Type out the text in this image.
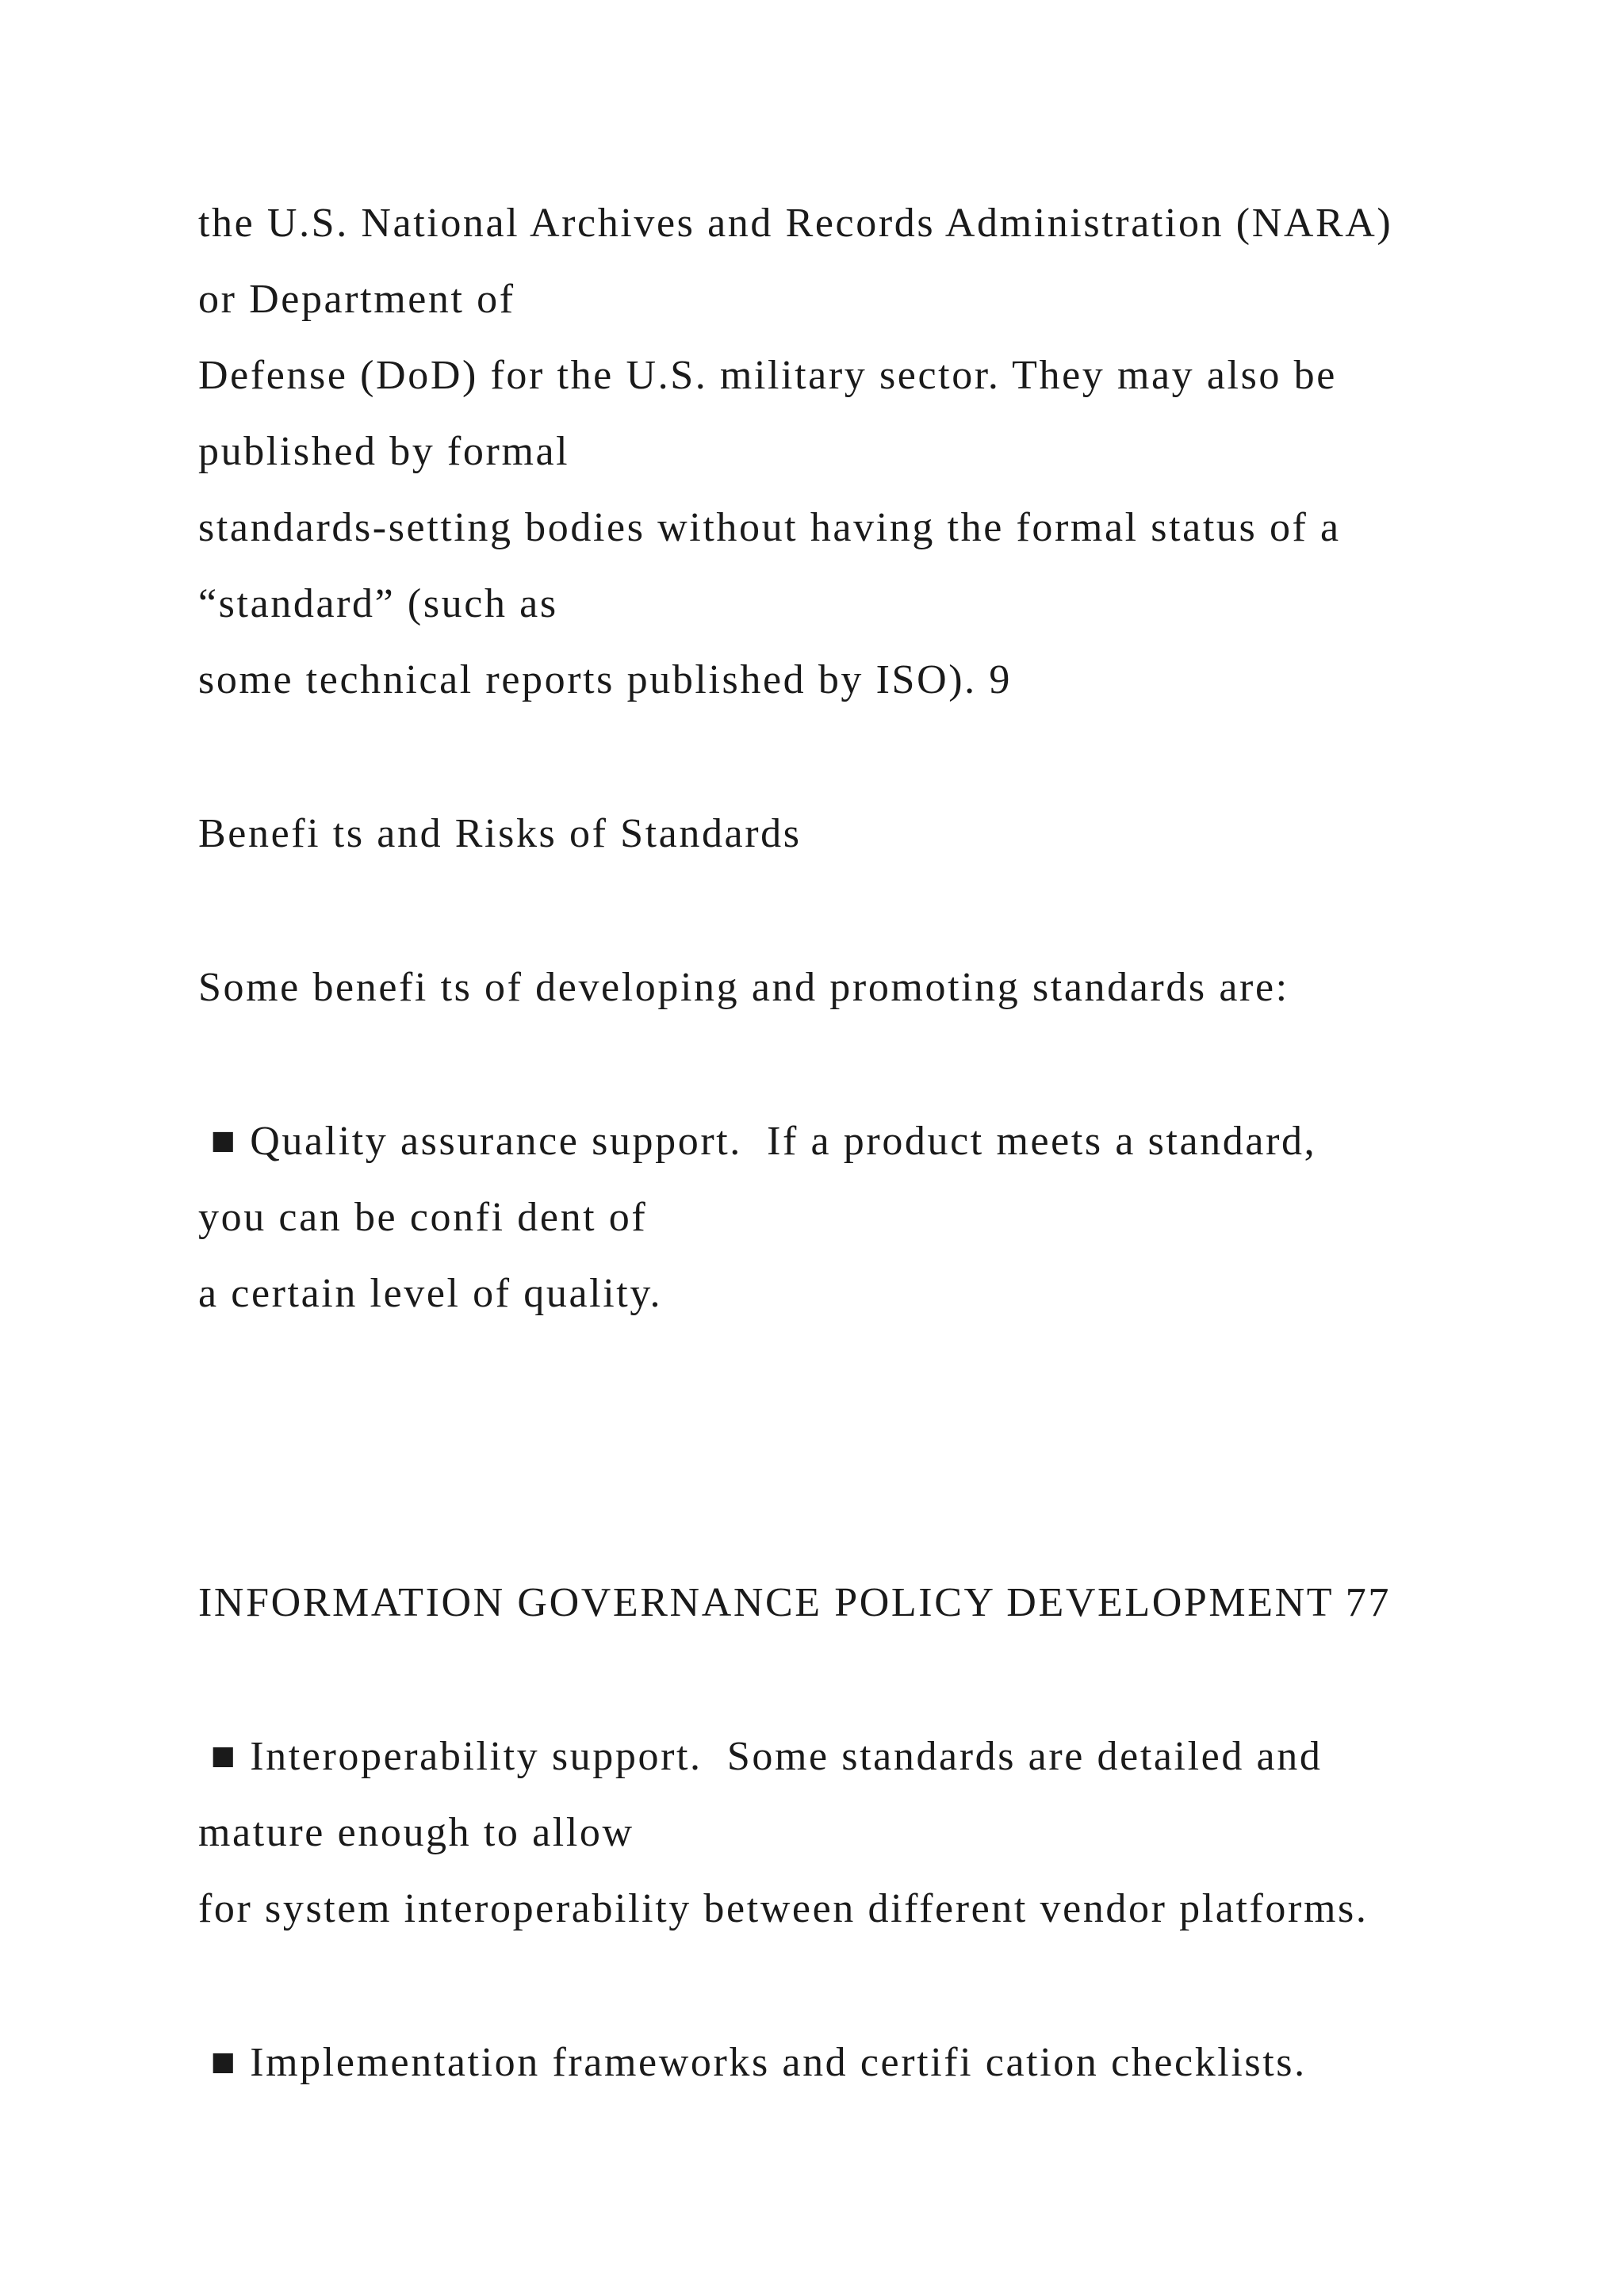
the U.S. National Archives and Records Administration (NARA)

or Department of

Defense (DoD) for the U.S. military sector. They may also be

published by formal

standards-setting bodies without having the formal status of a

“standard” (such as

some technical reports published by ISO). 9

Benefi ts and Risks of Standards

Some benefi ts of developing and promoting standards are:

■ Quality assurance support.  If a product meets a standard,

you can be confi dent of

a certain level of quality.

INFORMATION GOVERNANCE POLICY DEVELOPMENT 77

■ Interoperability support.  Some standards are detailed and

mature enough to allow

for system interoperability between different vendor platforms.

■ Implementation frameworks and certifi cation checklists.
